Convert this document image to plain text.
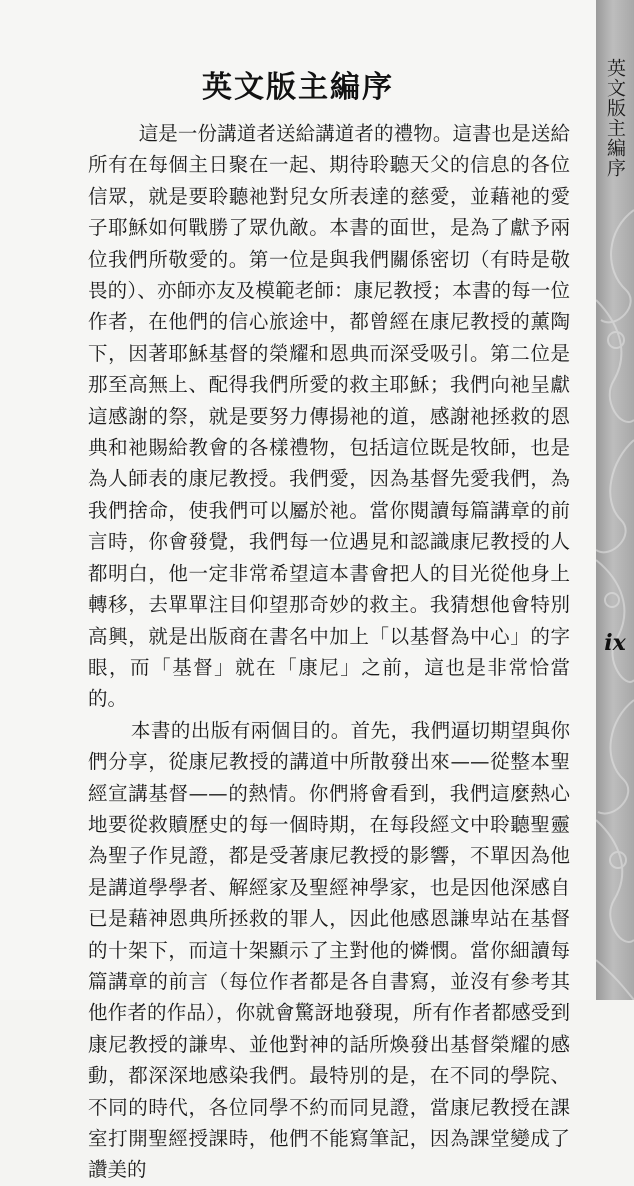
英文版主編序

這是一份講道者送給講道者的禮物。這書也是送給所有在每個主日聚在一起、期待聆聽天父的信息的各位信眾，就是要聆聽祂對兒女所表達的慈愛，並藉祂的愛子耶穌如何戰勝了眾仇敵。本書的面世，是為了獻予兩位我們所敬愛的。第一位是與我們關係密切（有時是敬畏的）、亦師亦友及模範老師：康尼教授；本書的每一位作者，在他們的信心旅途中，都曾經在康尼教授的薰陶下，因著耶穌基督的榮耀和恩典而深受吸引。第二位是那至高無上、配得我們所愛的救主耶穌；我們向祂呈獻這感謝的祭，就是要努力傳揚祂的道，感謝祂拯救的恩典和祂賜給教會的各樣禮物，包括這位既是牧師，也是為人師表的康尼教授。我們愛，因為基督先愛我們，為我們捨命，使我們可以屬於祂。當你閱讀每篇講章的前言時，你會發覺，我們每一位遇見和認識康尼教授的人都明白，他一定非常希望這本書會把人的目光從他身上轉移，去單單注目仰望那奇妙的救主。我猜想他會特別高興，就是出版商在書名中加上「以基督為中心」的字眼，而「基督」就在「康尼」之前，這也是非常恰當的。

本書的出版有兩個目的。首先，我們逼切期望與你們分享，從康尼教授的講道中所散發出來——從整本聖經宣講基督——的熱情。你們將會看到，我們這麼熱心地要從救贖歷史的每一個時期，在每段經文中聆聽聖靈為聖子作見證，都是受著康尼教授的影響，不單因為他是講道學學者、解經家及聖經神學家，也是因他深感自已是藉神恩典所拯救的罪人，因此他感恩謙卑站在基督的十架下，而這十架顯示了主對他的憐憫。當你細讀每篇講章的前言（每位作者都是各自書寫，並沒有參考其他作者的作品），你就會驚訝地發現，所有作者都感受到康尼教授的謙卑、並他對神的話所煥發出基督榮耀的感動，都深深地感染我們。最特別的是，在不同的學院、不同的時代，各位同學不約而同見證，當康尼教授在課室打開聖經授課時，他們不能寫筆記，因為課堂變成了讚美的

英文版主編序
ix
